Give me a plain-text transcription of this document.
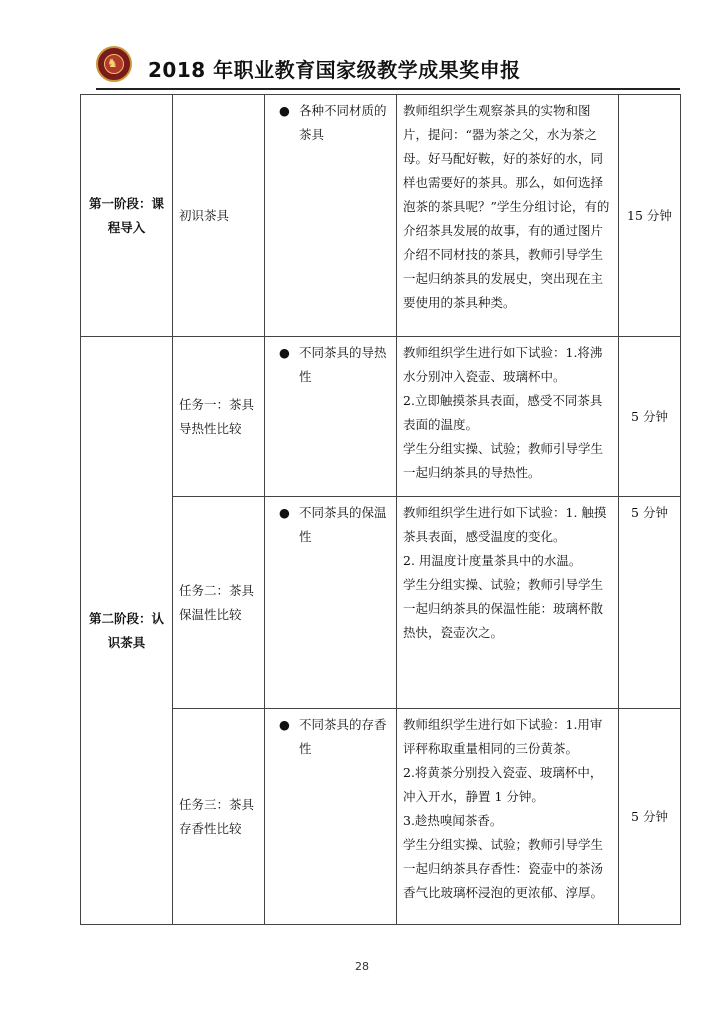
♞ 2018 年职业教育国家级教学成果奖申报
第一阶段：课程导入	初识茶具	● 各种不同材质的茶具	教师组织学生观察茶具的实物和图片，提问：“器为茶之父，水为茶之母。好马配好鞍，好的茶好的水，同样也需要好的茶具。那么，如何选择泡茶的茶具呢？”学生分组讨论，有的介绍茶具发展的故事，有的通过图片介绍不同材技的茶具，教师引导学生一起归纳茶具的发展史，突出现在主要使用的茶具种类。	15 分钟
第二阶段：认识茶具	任务一：茶具导热性比较	● 不同茶具的导热性	教师组织学生进行如下试验：1.将沸水分别冲入瓷壶、玻璃杯中。
2.立即触摸茶具表面，感受不同茶具表面的温度。
学生分组实操、试验；教师引导学生一起归纳茶具的导热性。	5 分钟
	任务二：茶具保温性比较	● 不同茶具的保温性	教师组织学生进行如下试验：1. 触摸茶具表面，感受温度的变化。
2. 用温度计度量茶具中的水温。
学生分组实操、试验；教师引导学生一起归纳茶具的保温性能：玻璃杯散热快，瓷壶次之。	5 分钟
	任务三：茶具存香性比较	● 不同茶具的存香性	教师组织学生进行如下试验：1.用审评秤称取重量相同的三份黄茶。
2.将黄茶分别投入瓷壶、玻璃杯中，冲入开水，静置 1 分钟。
3.趁热嗅闻茶香。
学生分组实操、试验；教师引导学生一起归纳茶具存香性：瓷壶中的茶汤香气比玻璃杯浸泡的更浓郁、淳厚。	5 分钟
28
